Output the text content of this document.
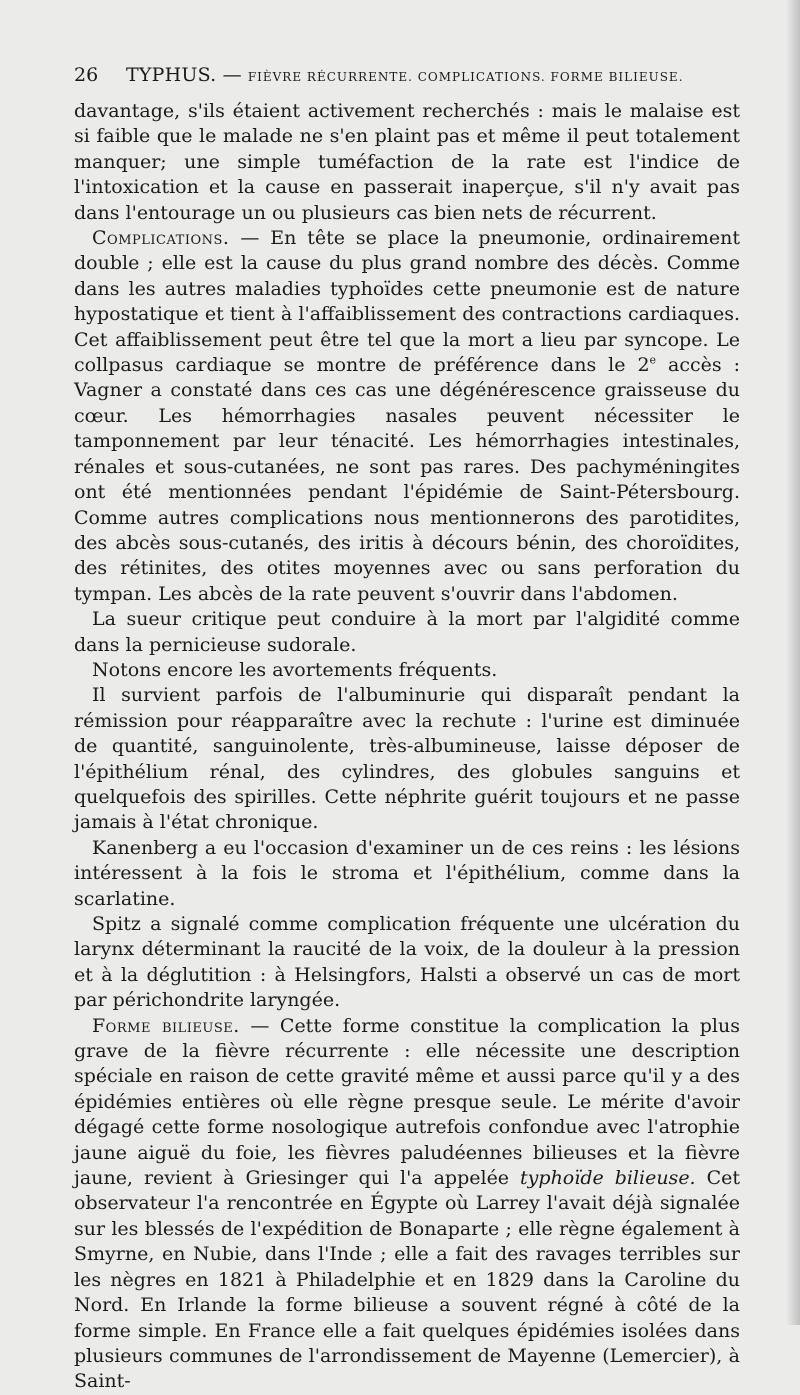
26	TYPHUS. — FIÈVRE RÉCURRENTE. COMPLICATIONS. FORME BILIEUSE.

davantage, s'ils étaient activement recherchés : mais le malaise est si faible que le malade ne s'en plaint pas et même il peut totalement manquer; une simple tuméfaction de la rate est l'indice de l'intoxication et la cause en passerait inaperçue, s'il n'y avait pas dans l'entourage un ou plusieurs cas bien nets de récurrent.

Complications. — En tête se place la pneumonie, ordinairement double ; elle est la cause du plus grand nombre des décès. Comme dans les autres maladies typhoïdes cette pneumonie est de nature hypostatique et tient à l'affaiblissement des contractions cardiaques. Cet affaiblissement peut être tel que la mort a lieu par syncope. Le collpasus cardiaque se montre de préférence dans le 2e accès : Vagner a constaté dans ces cas une dégénérescence graisseuse du cœur. Les hémorrhagies nasales peuvent nécessiter le tamponnement par leur ténacité. Les hémorrhagies intestinales, rénales et sous-cutanées, ne sont pas rares. Des pachyméningites ont été mentionnées pendant l'épidémie de Saint-Pétersbourg. Comme autres complications nous mentionnerons des parotidites, des abcès sous-cutanés, des iritis à décours bénin, des choroïdites, des rétinites, des otites moyennes avec ou sans perforation du tympan. Les abcès de la rate peuvent s'ouvrir dans l'abdomen.

La sueur critique peut conduire à la mort par l'algidité comme dans la pernicieuse sudorale.

Notons encore les avortements fréquents.

Il survient parfois de l'albuminurie qui disparaît pendant la rémission pour réapparaître avec la rechute : l'urine est diminuée de quantité, sanguinolente, très-albumineuse, laisse déposer de l'épithélium rénal, des cylindres, des globules sanguins et quelquefois des spirilles. Cette néphrite guérit toujours et ne passe jamais à l'état chronique.

Kanenberg a eu l'occasion d'examiner un de ces reins : les lésions intéressent à la fois le stroma et l'épithélium, comme dans la scarlatine.

Spitz a signalé comme complication fréquente une ulcération du larynx déterminant la raucité de la voix, de la douleur à la pression et à la déglutition : à Helsingfors, Halsti a observé un cas de mort par périchondrite laryngée.

Forme bilieuse. — Cette forme constitue la complication la plus grave de la fièvre récurrente : elle nécessite une description spéciale en raison de cette gravité même et aussi parce qu'il y a des épidémies entières où elle règne presque seule. Le mérite d'avoir dégagé cette forme nosologique autrefois confondue avec l'atrophie jaune aiguë du foie, les fièvres paludéennes bilieuses et la fièvre jaune, revient à Griesinger qui l'a appelée typhoïde bilieuse. Cet observateur l'a rencontrée en Égypte où Larrey l'avait déjà signalée sur les blessés de l'expédition de Bonaparte ; elle règne également à Smyrne, en Nubie, dans l'Inde ; elle a fait des ravages terribles sur les nègres en 1821 à Philadelphie et en 1829 dans la Caroline du Nord. En Irlande la forme bilieuse a souvent régné à côté de la forme simple. En France elle a fait quelques épidémies isolées dans plusieurs communes de l'arrondissement de Mayenne (Lemercier), à Saint-
